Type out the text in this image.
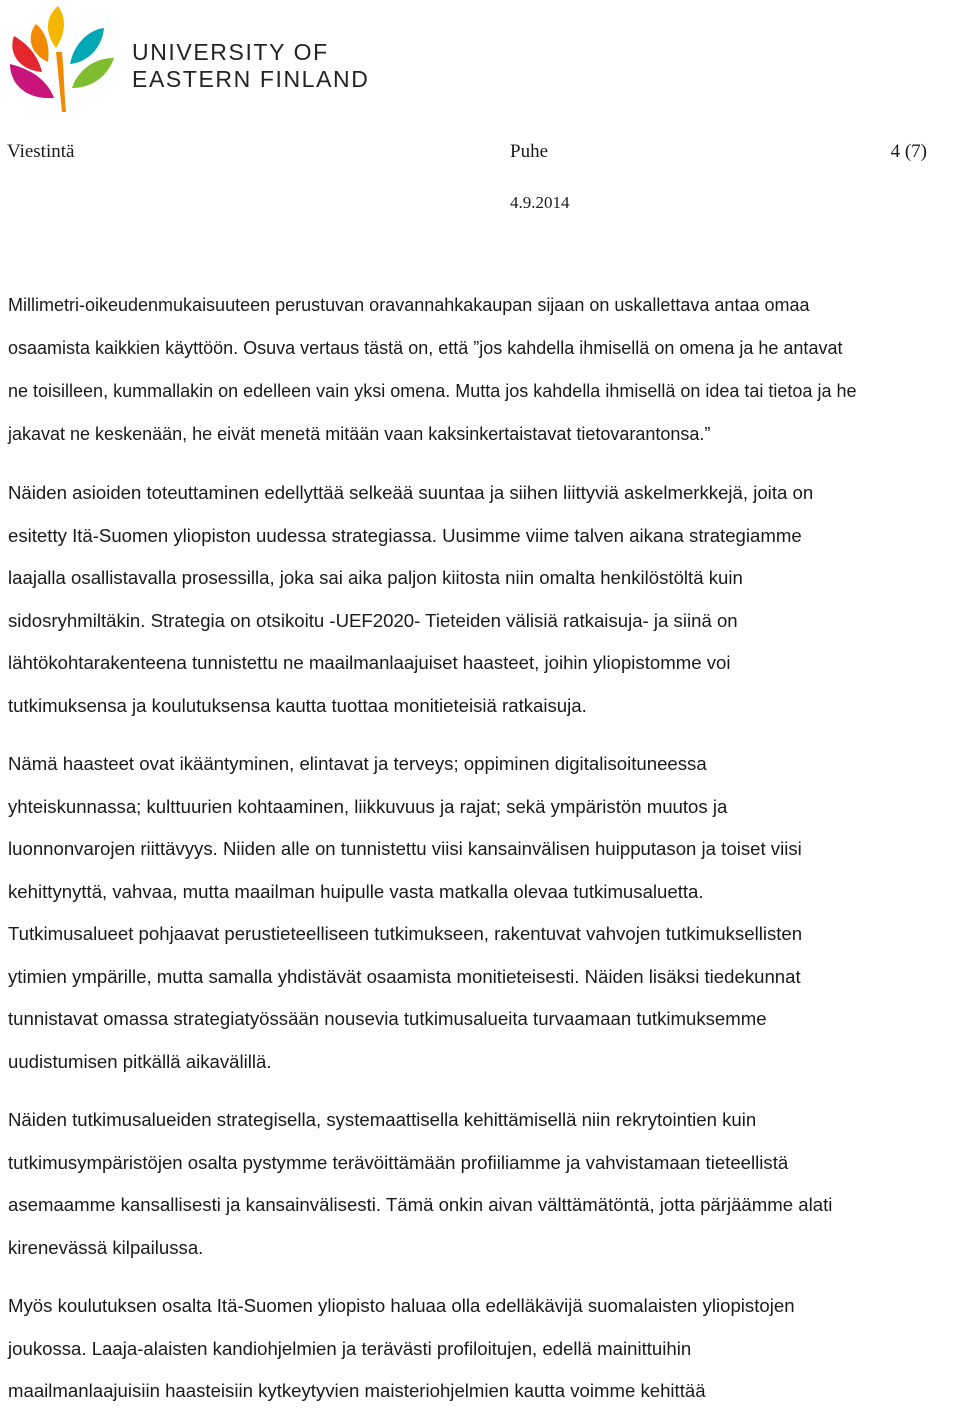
UNIVERSITY OF
EASTERN FINLAND
Viestintä	Puhe	4 (7)
4.9.2014

Millimetri-oikeudenmukaisuuteen perustuvan oravannahkakaupan sijaan on uskallettava antaa omaa
osaamista kaikkien käyttöön. Osuva vertaus tästä on, että ”jos kahdella ihmisellä on omena ja he antavat
ne toisilleen, kummallakin on edelleen vain yksi omena. Mutta jos kahdella ihmisellä on idea tai tietoa ja he
jakavat ne keskenään, he eivät menetä mitään vaan kaksinkertaistavat tietovarantonsa.”

Näiden asioiden toteuttaminen edellyttää selkeää suuntaa ja siihen liittyviä askelmerkkejä, joita on
esitetty Itä-Suomen yliopiston uudessa strategiassa. Uusimme viime talven aikana strategiamme
laajalla osallistavalla prosessilla, joka sai aika paljon kiitosta niin omalta henkilöstöltä kuin
sidosryhmiltäkin. Strategia on otsikoitu -UEF2020- Tieteiden välisiä ratkaisuja- ja siinä on
lähtökohtarakenteena tunnistettu ne maailmanlaajuiset haasteet, joihin yliopistomme voi
tutkimuksensa ja koulutuksensa kautta tuottaa monitieteisiä ratkaisuja.

Nämä haasteet ovat ikääntyminen, elintavat ja terveys; oppiminen digitalisoituneessa
yhteiskunnassa; kulttuurien kohtaaminen, liikkuvuus ja rajat; sekä ympäristön muutos ja
luonnonvarojen riittävyys. Niiden alle on tunnistettu viisi kansainvälisen huipputason ja toiset viisi
kehittynyttä, vahvaa, mutta maailman huipulle vasta matkalla olevaa tutkimusaluetta.
Tutkimusalueet pohjaavat perustieteelliseen tutkimukseen, rakentuvat vahvojen tutkimuksellisten
ytimien ympärille, mutta samalla yhdistävät osaamista monitieteisesti. Näiden lisäksi tiedekunnat
tunnistavat omassa strategiatyössään nousevia tutkimusalueita turvaamaan tutkimuksemme
uudistumisen pitkällä aikavälillä.

Näiden tutkimusalueiden strategisella, systemaattisella kehittämisellä niin rekrytointien kuin
tutkimusympäristöjen osalta pystymme terävöittämään profiiliamme ja vahvistamaan tieteellistä
asemaamme kansallisesti ja kansainvälisesti. Tämä onkin aivan välttämätöntä, jotta pärjäämme alati
kirenevässä kilpailussa.

Myös koulutuksen osalta Itä-Suomen yliopisto haluaa olla edelläkävijä suomalaisten yliopistojen
joukossa. Laaja-alaisten kandiohjelmien ja terävästi profiloitujen, edellä mainittuihin
maailmanlaajuisiin haasteisiin kytkeytyvien maisteriohjelmien kautta voimme kehittää
